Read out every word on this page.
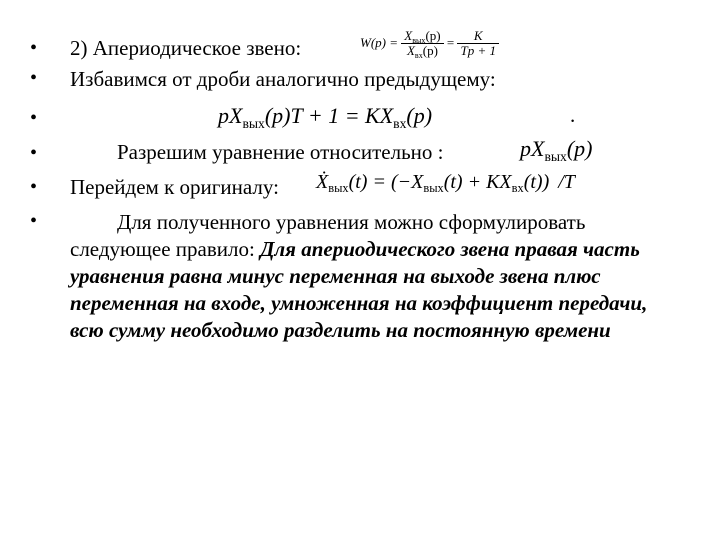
•
•
•
•
•
•
2) Апериодическое звено:	$W(p) = \frac{X_{вых}(p)}{X_{вх}(p)} = \frac{K}{Tp + 1}$
Избавимся от дроби аналогично предыдущему:
$pX_{вых}(p)T + 1 = KX_{вх}(p)$	.
Разрешим уравнение относительно :	$pX_{вых}(p)$
Перейдем к оригиналу: Ẋ$_{вых}$(t) = $(-X_{вых}(t) + KX_{вх}(t))$ /T
Для полученного уравнения можно сформулировать
следующее правило: Для апериодического звена правая часть уравнения равна минус переменная на выходе звена плюс переменная на входе, умноженная на коэффициент передачи, всю сумму необходимо разделить на постоянную времени
